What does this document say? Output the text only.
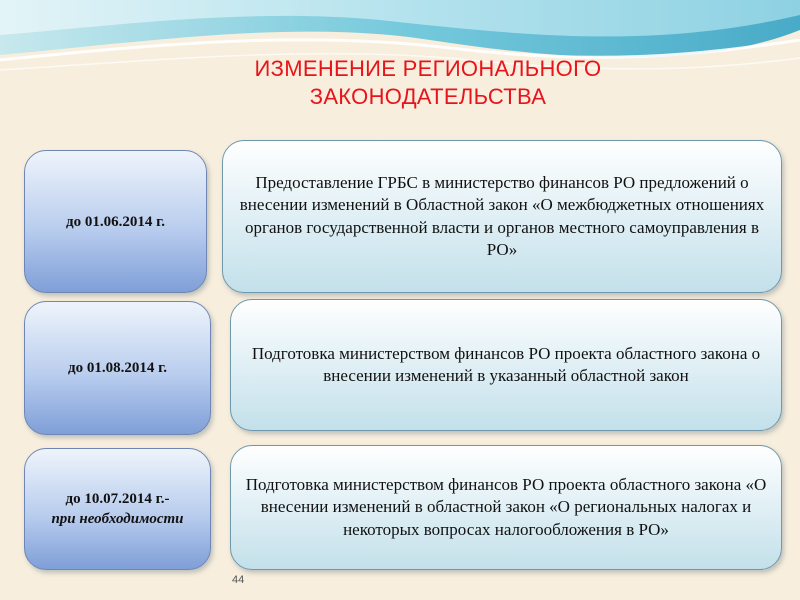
ИЗМЕНЕНИЕ РЕГИОНАЛЬНОГО
ЗАКОНОДАТЕЛЬСТВА
до 01.06.2014 г.
Предоставление ГРБС в министерство финансов РО предложений о внесении изменений в Областной закон «О межбюджетных отношениях органов государственной власти и органов местного самоуправления в РО»
до 01.08.2014 г.
Подготовка министерством финансов РО проекта областного закона о внесении изменений в указанный областной закон
до 10.07.2014 г.-
при необходимости
Подготовка министерством финансов РО проекта областного закона «О внесении изменений в областной закон «О региональных налогах и некоторых вопросах налогообложения в РО»
44
